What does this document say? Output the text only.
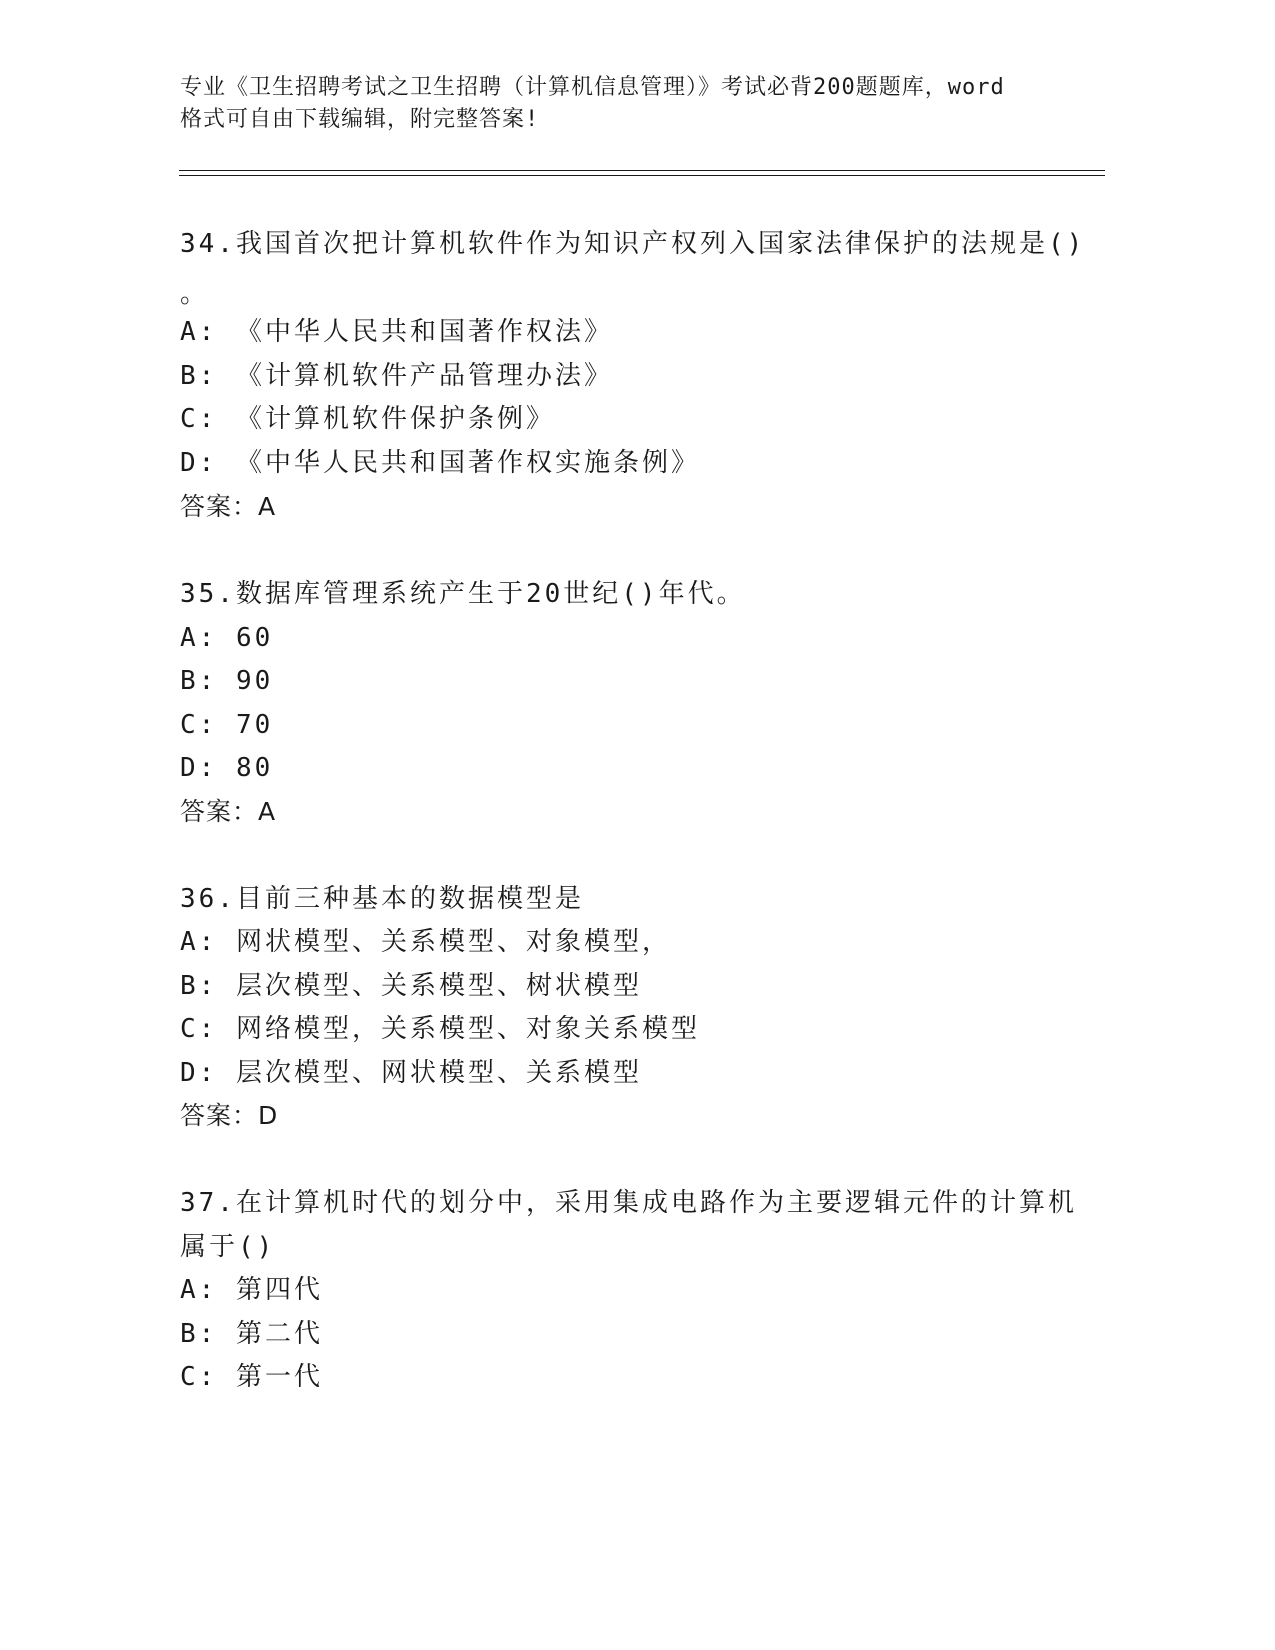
专业《卫生招聘考试之卫生招聘（计算机信息管理）》考试必背200题题库，word
格式可自由下载编辑，附完整答案!
34.我国首次把计算机软件作为知识产权列入国家法律保护的法规是()
。
A: 《中华人民共和国著作权法》
B: 《计算机软件产品管理办法》
C: 《计算机软件保护条例》
D: 《中华人民共和国著作权实施条例》
答案：A
35.数据库管理系统产生于20世纪()年代。
A: 60
B: 90
C: 70
D: 80
答案：A
36.目前三种基本的数据模型是
A: 网状模型、关系模型、对象模型，
B: 层次模型、关系模型、树状模型
C: 网络模型，关系模型、对象关系模型
D: 层次模型、网状模型、关系模型
答案：D
37.在计算机时代的划分中，采用集成电路作为主要逻辑元件的计算机
属于()
A: 第四代
B: 第二代
C: 第一代
